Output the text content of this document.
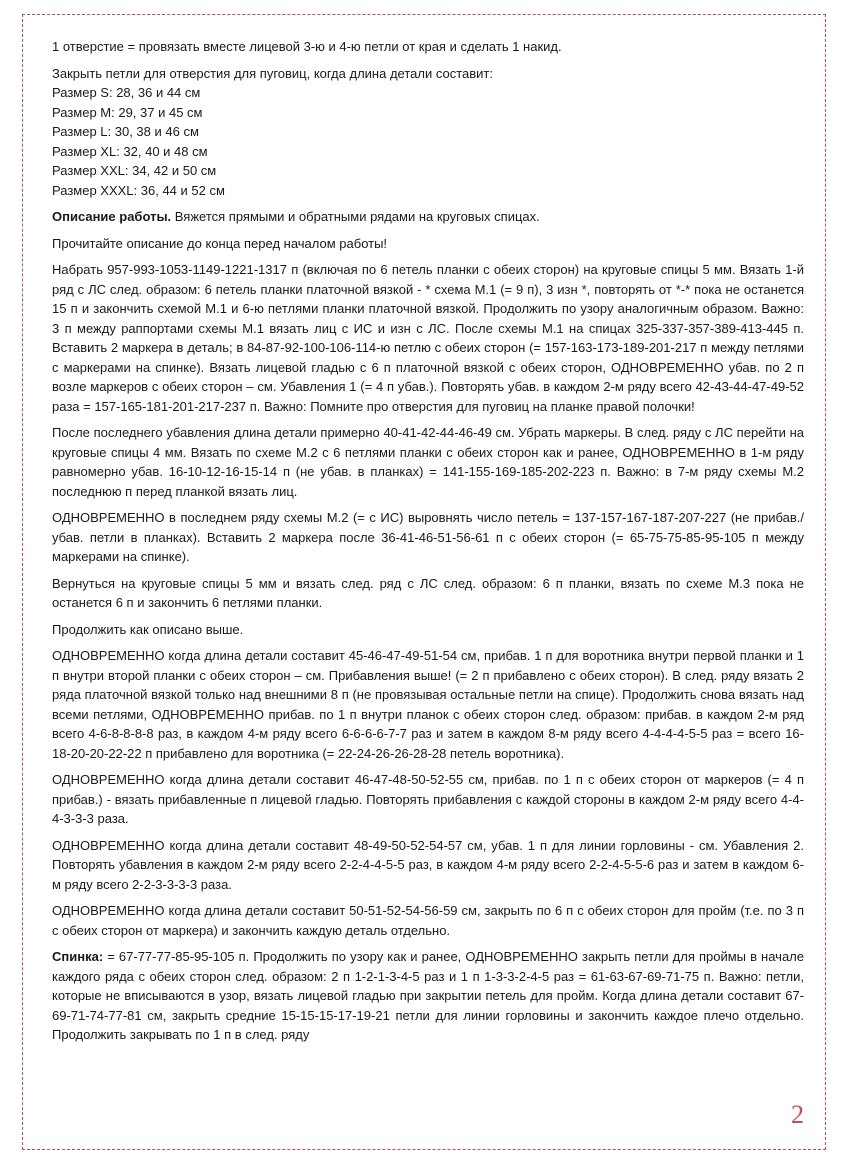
1 отверстие = провязать вместе лицевой 3-ю и 4-ю петли от края и сделать 1 накид.

Закрыть петли для отверстия для пуговиц, когда длина детали составит:
Размер S: 28, 36 и 44 см
Размер M: 29, 37 и 45 см
Размер L: 30, 38 и 46 см
Размер XL: 32, 40 и 48 см
Размер XXL: 34, 42 и 50 см
Размер XXXL: 36, 44 и 52 см

Описание работы. Вяжется прямыми и обратными рядами на круговых спицах.

Прочитайте описание до конца перед началом работы!

Набрать 957-993-1053-1149-1221-1317 п (включая по 6 петель планки с обеих сторон) на круговые спицы 5 мм. Вязать 1-й ряд с ЛС след. образом: 6 петель планки платочной вязкой - * схема М.1 (= 9 п), 3 изн *, повторять от *-* пока не останется 15 п и закончить схемой М.1 и 6-ю петлями планки платочной вязкой. Продолжить по узору аналогичным образом. Важно: 3 п между раппортами схемы М.1 вязать лиц с ИС и изн с ЛС. После схемы М.1 на спицах 325-337-357-389-413-445 п. Вставить 2 маркера в деталь; в 84-87-92-100-106-114-ю петлю с обеих сторон (= 157-163-173-189-201-217 п между петлями с маркерами на спинке). Вязать лицевой гладью с 6 п платочной вязкой с обеих сторон, ОДНОВРЕМЕННО убав. по 2 п возле маркеров с обеих сторон – см. Убавления 1 (= 4 п убав.). Повторять убав. в каждом 2-м ряду всего 42-43-44-47-49-52 раза = 157-165-181-201-217-237 п. Важно: Помните про отверстия для пуговиц на планке правой полочки!

После последнего убавления длина детали примерно 40-41-42-44-46-49 см. Убрать маркеры. В след. ряду с ЛС перейти на круговые спицы 4 мм. Вязать по схеме М.2 с 6 петлями планки с обеих сторон как и ранее, ОДНОВРЕМЕННО в 1-м ряду равномерно убав. 16-10-12-16-15-14 п (не убав. в планках) = 141-155-169-185-202-223 п. Важно: в 7-м ряду схемы М.2 последнюю п перед планкой вязать лиц.

ОДНОВРЕМЕННО в последнем ряду схемы М.2 (= с ИС) выровнять число петель = 137-157-167-187-207-227 (не прибав./убав. петли в планках). Вставить 2 маркера после 36-41-46-51-56-61 п с обеих сторон (= 65-75-75-85-95-105 п между маркерами на спинке).

Вернуться на круговые спицы 5 мм и вязать след. ряд с ЛС след. образом: 6 п планки, вязать по схеме М.3 пока не останется 6 п и закончить 6 петлями планки.

Продолжить как описано выше.

ОДНОВРЕМЕННО когда длина детали составит 45-46-47-49-51-54 см, прибав. 1 п для воротника внутри первой планки и 1 п внутри второй планки с обеих сторон – см. Прибавления выше! (= 2 п прибавлено с обеих сторон). В след. ряду вязать 2 ряда платочной вязкой только над внешними 8 п (не провязывая остальные петли на спице). Продолжить снова вязать над всеми петлями, ОДНОВРЕМЕННО прибав. по 1 п внутри планок с обеих сторон след. образом: прибав. в каждом 2-м ряд всего 4-6-8-8-8-8 раз, в каждом 4-м ряду всего 6-6-6-6-7-7 раз и затем в каждом 8-м ряду всего 4-4-4-4-5-5 раз = всего 16-18-20-20-22-22 п прибавлено для воротника (= 22-24-26-26-28-28 петель воротника).

ОДНОВРЕМЕННО когда длина детали составит 46-47-48-50-52-55 см, прибав. по 1 п с обеих сторон от маркеров (= 4 п прибав.) - вязать прибавленные п лицевой гладью. Повторять прибавления с каждой стороны в каждом 2-м ряду всего 4-4-4-3-3-3 раза.

ОДНОВРЕМЕННО когда длина детали составит 48-49-50-52-54-57 см, убав. 1 п для линии горловины - см. Убавления 2. Повторять убавления в каждом 2-м ряду всего 2-2-4-4-5-5 раз, в каждом 4-м ряду всего 2-2-4-5-5-6 раз и затем в каждом 6-м ряду всего 2-2-3-3-3-3 раза.

ОДНОВРЕМЕННО когда длина детали составит 50-51-52-54-56-59 см, закрыть по 6 п с обеих сторон для пройм (т.е. по 3 п с обеих сторон от маркера) и закончить каждую деталь отдельно.

Спинка: = 67-77-77-85-95-105 п. Продолжить по узору как и ранее, ОДНОВРЕМЕННО закрыть петли для проймы в начале каждого ряда с обеих сторон след. образом: 2 п 1-2-1-3-4-5 раз и 1 п 1-3-3-2-4-5 раз = 61-63-67-69-71-75 п. Важно: петли, которые не вписываются в узор, вязать лицевой гладью при закрытии петель для пройм. Когда длина детали составит 67-69-71-74-77-81 см, закрыть средние 15-15-15-17-19-21 петли для линии горловины и закончить каждое плечо отдельно. Продолжить закрывать по 1 п в след. ряду

2
